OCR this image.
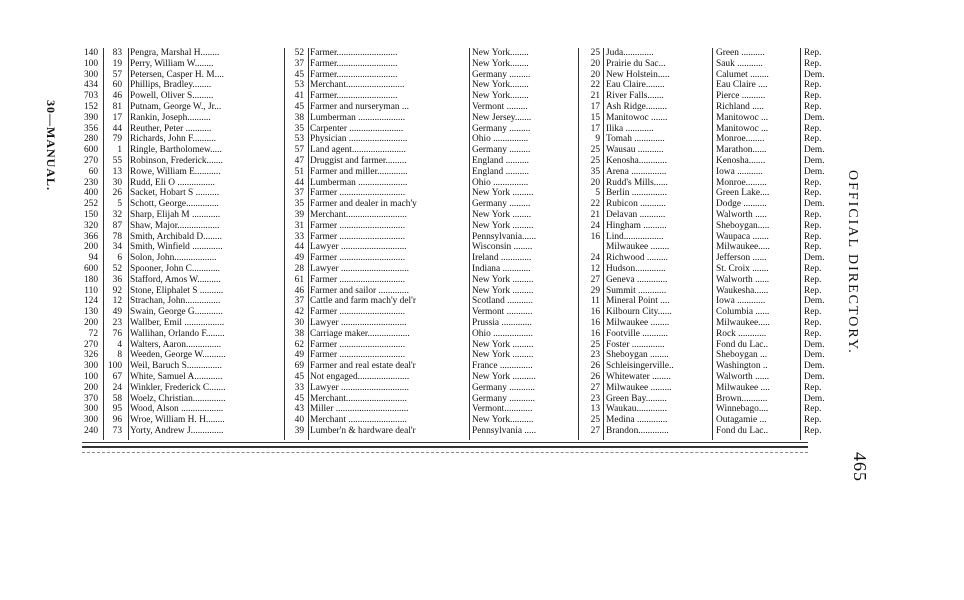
140	83 Pengra, Marshal H........	52 Farmer..........................	New York........	25 Juda.............	Green ..........	Rep.
100	19 Perry, William W........	37 Farmer..........................	New York........	20 Prairie du Sac...	Sauk ...........	Rep.
300	57 Petersen, Casper H. M....	45 Farmer..........................	Germany .........	20 New Holstein.....	Calumet ........	Dem.
434	60 Phillips, Bradley........	53 Merchant.........................	New York........	22 Eau Claire........	Eau Claire ....	Rep.
703	46 Powell, Oliver S.........	41 Farmer..........................	New York........	21 River Falls.......	Pierce ..........	Rep.
152	81 Putnam, George W., Jr...	45 Farmer and nurseryman ...	Vermont .........	17 Ash Ridge.........	Richland .....	Rep.
390	17 Rankin, Joseph..........	38 Lumberman ....................	New Jersey.......	15 Manitowoc .......	Manitowoc ...	Dem.
356	44 Reuther, Peter ...........	35 Carpenter .......................	Germany .........	17 Ilika ............	Manitowoc ...	Rep.
280	79 Richards, John F..........	53 Physician .........................	Ohio ...............	9 Tomah .............	Monroe........	Rep.
600	1 Ringle, Bartholomew.....	57 Land agent.......................	Germany .........	25 Wausau ...........	Marathon......	Dem.
270	55 Robinson, Frederick.......	47 Druggist and farmer.........	England ..........	25 Kenosha............	Kenosha.......	Dem.
60	13 Rowe, William E...........	51 Farmer and miller.............	England ..........	35 Arena ...............	Iowa ...........	Dem.
230	30 Rudd, Eli O ................	44 Lumberman .....................	Ohio ...............	20 Rudd's Mills......	Monroe.........	Rep.
400	26 Sacket, Hobart S ..........	37 Farmer ............................	New York .........	5 Berlin ...............	Green Lake....	Rep.
252	5 Schott, George..............	35 Farmer and dealer in mach'y	Germany .........	22 Rubicon ...........	Dodge ..........	Dem.
150	32 Sharp, Elijah M ............	39 Merchant..........................	New York ........	21 Delavan ...........	Walworth .....	Rep.
320	87 Shaw, Major..................	31 Farmer ............................	New York .........	24 Hingham ..........	Sheboygan.....	Rep.
366	78 Smith, Archibald D........	33 Farmer ............................	Pennsylvania......	16 Lind.................	Waupaca .......	Rep.
200	34 Smith, Winfield .............	44 Lawyer ............................	Wisconsin ........	Milwaukee ........	Milwaukee.....	Rep.
94	6 Solon, John..................	49 Farmer ............................	Ireland .............	24 Richwood .........	Jefferson ......	Dem.
600	52 Spooner, John C............	28 Lawyer .............................	Indiana ............	12 Hudson.............	St. Croix .......	Rep.
180	36 Stafford, Amos W..........	61 Farmer ............................	New York .........	27 Geneva .............	Walworth ......	Rep.
110	92 Stone, Eliphalet S ..........	46 Farmer and sailor .............	New York .........	29 Summit ............	Waukesha......	Rep.
124	12 Strachan, John...............	37 Cattle and farm mach'y del'r	Scotland ...........	11 Mineral Point ....	Iowa ............	Dem.
130	49 Swain, George G............	42 Farmer ............................	Vermont ...........	16 Kilbourn City......	Columbia ......	Rep.
200	23 Wallber, Emil .................	30 Lawyer ............................	Prussia .............	16 Milwaukee ........	Milwaukee.....	Rep.
72	76 Wallihan, Orlando F........	38 Carriage maker..................	Ohio .................	16 Footville ...........	Rock ............	Rep.
270	4 Walters, Aaron...............	62 Farmer ............................	New York .........	25 Foster ..............	Fond du Lac..	Dem.
326	8 Weeden, George W..........	49 Farmer ............................	New York .........	23 Sheboygan ........	Sheboygan ...	Dem.
300	100 Weil, Baruch S...............	69 Farmer and real estate deal'r	France ..............	26 Schleisingerville..	Washington ..	Dem.
100	67 White, Samuel A............	45 Not engaged......................	New York ..........	26 Whitewater ........	Walworth ......	Dem.
200	24 Winkler, Frederick C.......	33 Lawyer .............................	Germany ...........	27 Milwaukee .........	Milwaukee ....	Rep.
370	58 Woelz, Christian..............	45 Merchant..........................	Germany ...........	23 Green Bay.........	Brown...........	Dem.
300	95 Wood, Alson ..................	43 Miller ...............................	Vermont............	13 Waukau.............	Winnebago....	Rep.
300	96 Wroe, William H. H........	40 Merchant .........................	New York..........	25 Medina .............	Outagamie ...	Rep.
240	73 Yorty, Andrew J..............	39 Lumber'n & hardware deal'r	Pennsylvania .....	27 Brandon.............	Fond du Lac..	Rep.
OFFICIAL DIRECTORY.
465
30—MANUAL.
